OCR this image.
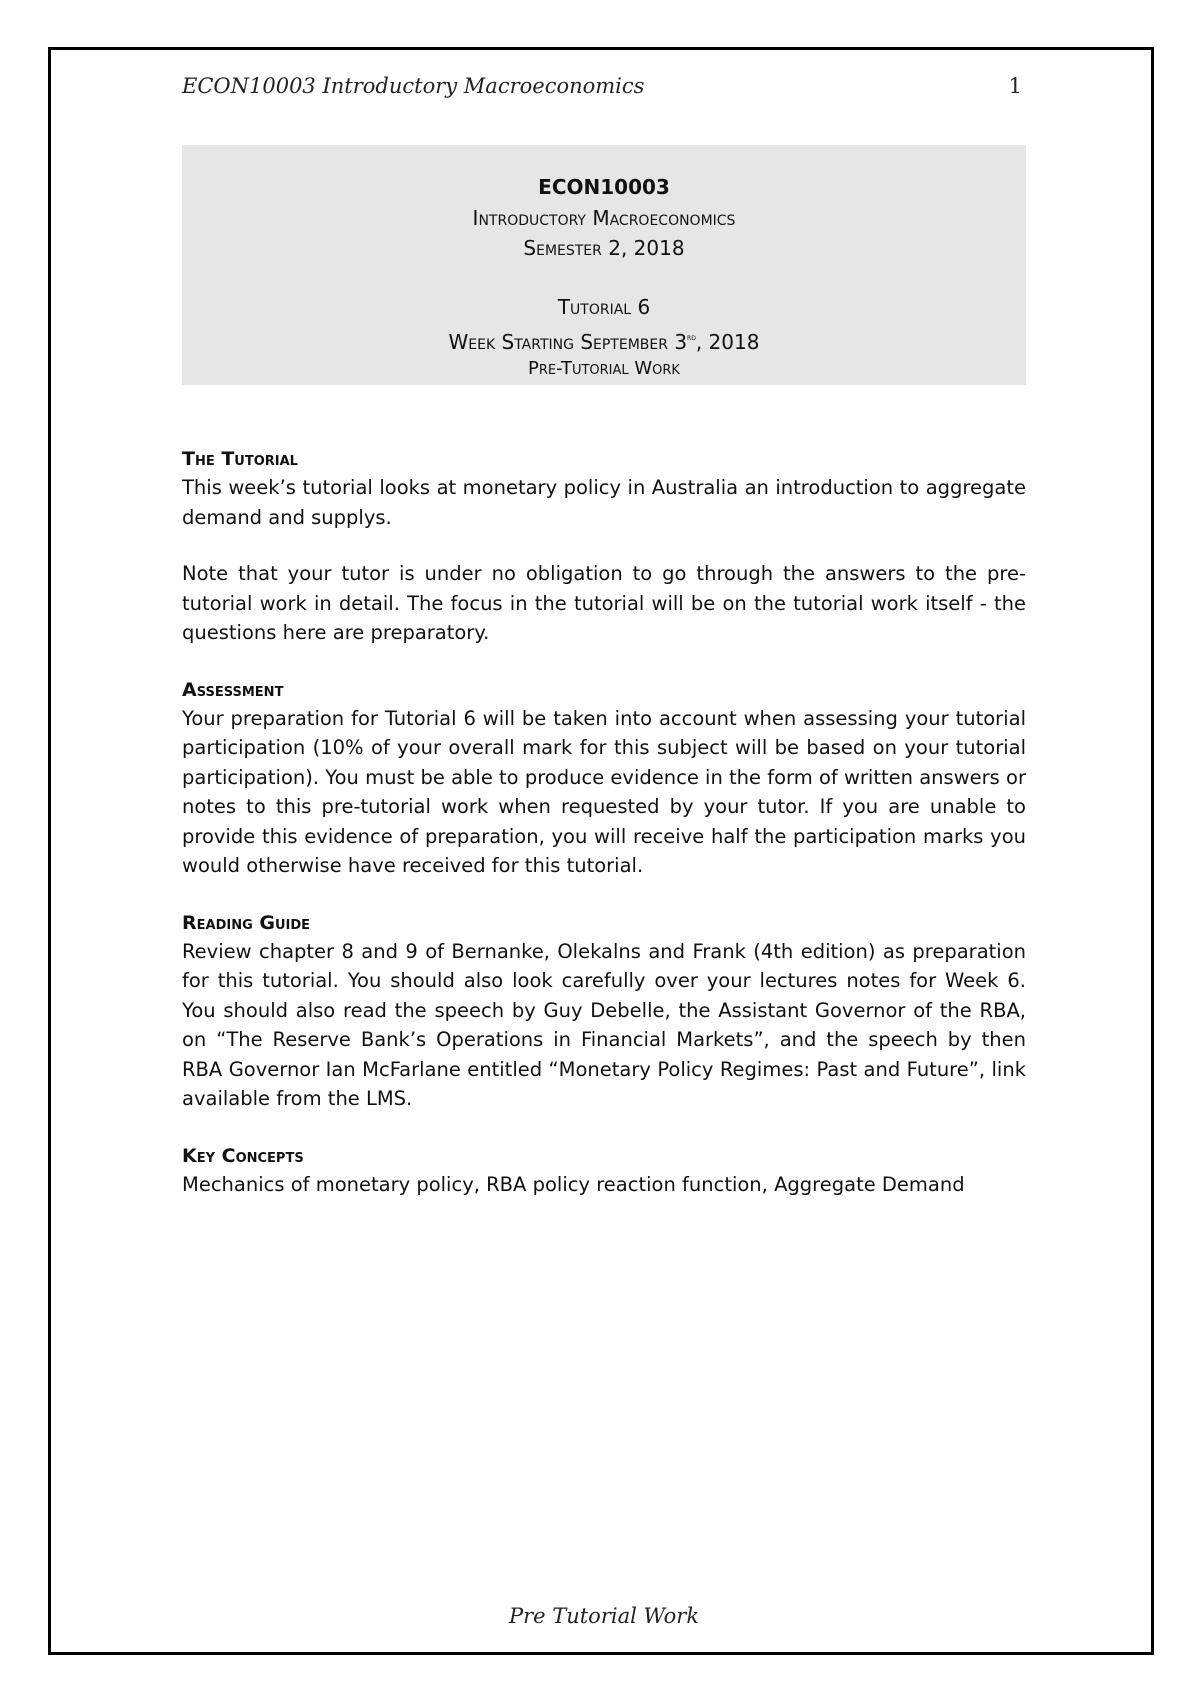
ECON10003 Introductory Macroeconomics	1
ECON10003
Introductory Macroeconomics
Semester 2, 2018
Tutorial 6
Week Starting September 3rd, 2018
Pre-Tutorial Work
The Tutorial

This week’s tutorial looks at monetary policy in Australia an introduction to aggregate demand and supplys.

Note that your tutor is under no obligation to go through the answers to the pre-tutorial work in detail. The focus in the tutorial will be on the tutorial work itself - the questions here are preparatory.

Assessment

Your preparation for Tutorial 6 will be taken into account when assessing your tutorial participation (10% of your overall mark for this subject will be based on your tutorial participation). You must be able to produce evidence in the form of written answers or notes to this pre-tutorial work when requested by your tutor. If you are unable to provide this evidence of preparation, you will receive half the participation marks you would otherwise have received for this tutorial.

Reading Guide

Review chapter 8 and 9 of Bernanke, Olekalns and Frank (4th edition) as preparation for this tutorial. You should also look carefully over your lectures notes for Week 6. You should also read the speech by Guy Debelle, the Assistant Governor of the RBA, on “The Reserve Bank’s Operations in Financial Markets”, and the speech by then RBA Governor Ian McFarlane entitled “Monetary Policy Regimes: Past and Future”, link available from the LMS.

Key Concepts

Mechanics of monetary policy, RBA policy reaction function, Aggregate Demand

Pre Tutorial Work
